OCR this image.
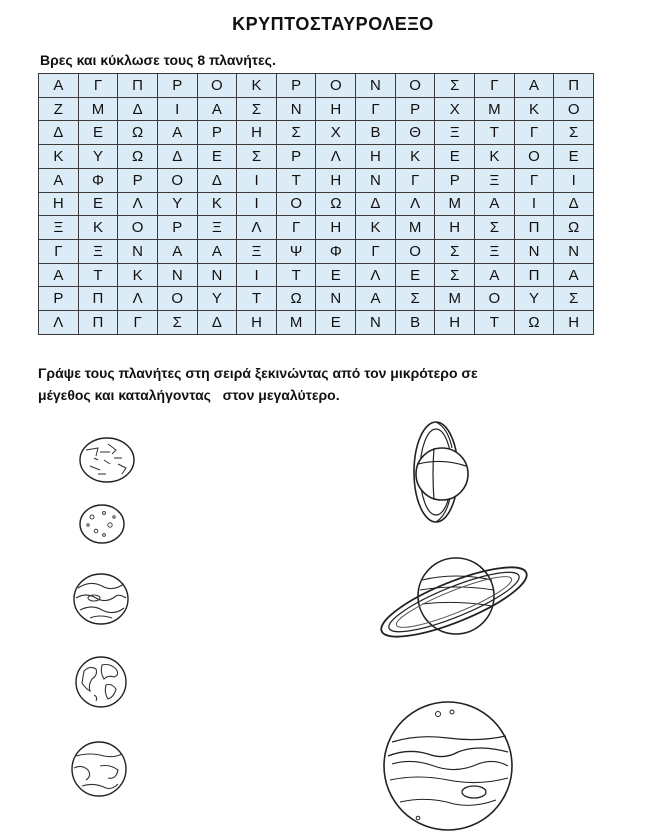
ΚΡΥΠΤΟΣΤΑΥΡΟΛΕΞΟ
Βρες και κύκλωσε τους 8 πλανήτες.
Α	Γ	Π	Ρ	Ο	Κ	Ρ	Ο	Ν	Ο	Σ	Γ	Α	Π
Ζ	Μ	Δ	Ι	Α	Σ	Ν	Η	Γ	Ρ	Χ	Μ	Κ	Ο
Δ	Ε	Ω	Α	Ρ	Η	Σ	Χ	Β	Θ	Ξ	Τ	Γ	Σ
Κ	Υ	Ω	Δ	Ε	Σ	Ρ	Λ	Η	Κ	Ε	Κ	Ο	Ε
Α	Φ	Ρ	Ο	Δ	Ι	Τ	Η	Ν	Γ	Ρ	Ξ	Γ	Ι
Η	Ε	Λ	Υ	Κ	Ι	Ο	Ω	Δ	Λ	Μ	Α	Ι	Δ
Ξ	Κ	Ο	Ρ	Ξ	Λ	Γ	Η	Κ	Μ	Η	Σ	Π	Ω
Γ	Ξ	Ν	Α	Α	Ξ	Ψ	Φ	Γ	Ο	Σ	Ξ	Ν	Ν
Α	Τ	Κ	Ν	Ν	Ι	Τ	Ε	Λ	Ε	Σ	Α	Π	Α
Ρ	Π	Λ	Ο	Υ	Τ	Ω	Ν	Α	Σ	Μ	Ο	Υ	Σ
Λ	Π	Γ	Σ	Δ	Η	Μ	Ε	Ν	Β	Η	Τ	Ω	Η
Γράψε τους πλανήτες στη σειρά ξεκινώντας από τον μικρότερο σε
μέγεθος και καταλήγοντας   στον μεγαλύτερο.
